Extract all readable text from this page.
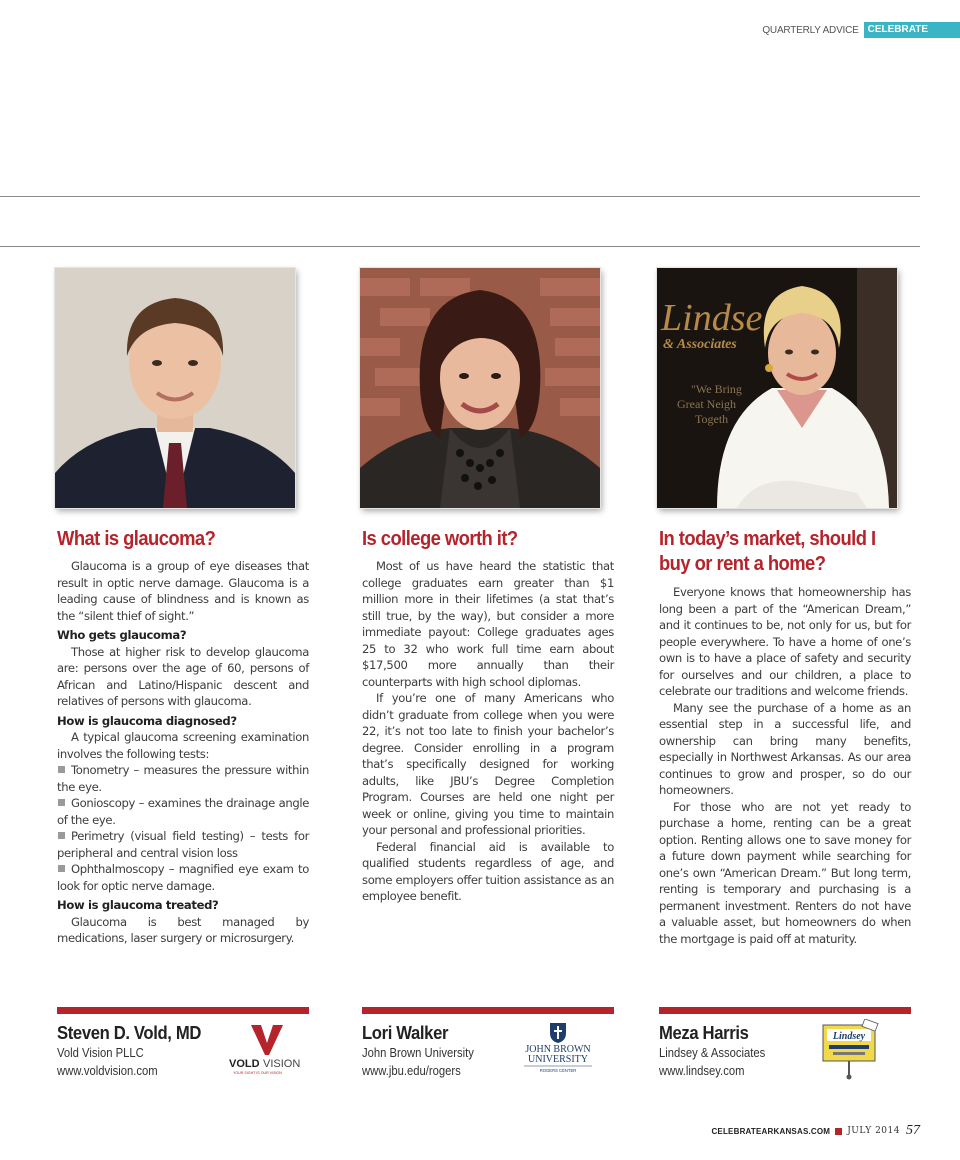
QUARTERLY ADVICE CELEBRATE
What is glaucoma?

Glaucoma is a group of eye diseases that result in optic nerve damage. Glaucoma is a leading cause of blindness and is known as the “silent thief of sight.”

Who gets glaucoma?

Those at higher risk to develop glaucoma are: persons over the age of 60, persons of African and Latino/Hispanic descent and relatives of persons with glaucoma.

How is glaucoma diagnosed?

A typical glaucoma screening examination involves the following tests:

Tonometry – measures the pressure within the eye.

Gonioscopy – examines the drainage angle of the eye.

Perimetry (visual field testing) – tests for peripheral and central vision loss

Ophthalmoscopy – magnified eye exam to look for optic nerve damage.

How is glaucoma treated?

Glaucoma is best managed by medications, laser surgery or microsurgery.

Is college worth it?

Most of us have heard the statistic that college graduates earn greater than $1 million more in their lifetimes (a stat that’s still true, by the way), but consider a more immediate payout: College graduates ages 25 to 32 who work full time earn about $17,500 more annually than their counterparts with high school diplomas.

If you’re one of many Americans who didn’t graduate from college when you were 22, it’s not too late to finish your bachelor’s degree. Consider enrolling in a program that’s specifically designed for working adults, like JBU’s Degree Completion Program. Courses are held one night per week or online, giving you time to maintain your personal and professional priorities.

Federal financial aid is available to qualified students regardless of age, and some employers offer tuition assistance as an employee benefit.

Lindse
& Associates
"We Bring
Great Neigh
Togeth
In today’s market, should I buy or rent a home?

Everyone knows that homeownership has long been a part of the “American Dream,” and it continues to be, not only for us, but for people everywhere. To have a home of one’s own is to have a place of safety and security for ourselves and our children, a place to celebrate our traditions and welcome friends.

Many see the purchase of a home as an essential step in a successful life, and ownership can bring many benefits, especially in Northwest Arkansas. As our area continues to grow and prosper, so do our homeowners.

For those who are not yet ready to purchase a home, renting can be a great option. Renting allows one to save money for a future down payment while searching for one’s own “American Dream.” But long term, renting is temporary and purchasing is a permanent investment. Renters do not have a valuable asset, but homeowners do when the mortgage is paid off at maturity.

Steven D. Vold, MD
Vold Vision PLLC
www.voldvision.com	VOLD VISION
YOUR SIGHT IS OUR VISION
Lori Walker
John Brown University
www.jbu.edu/rogers
JOHN BROWN
UNIVERSITY
ROGERS CENTER
Meza Harris
Lindsey & Associates
www.lindsey.com
Lindsey
CELEBRATEARKANSAS.COM JULY 2014 57
